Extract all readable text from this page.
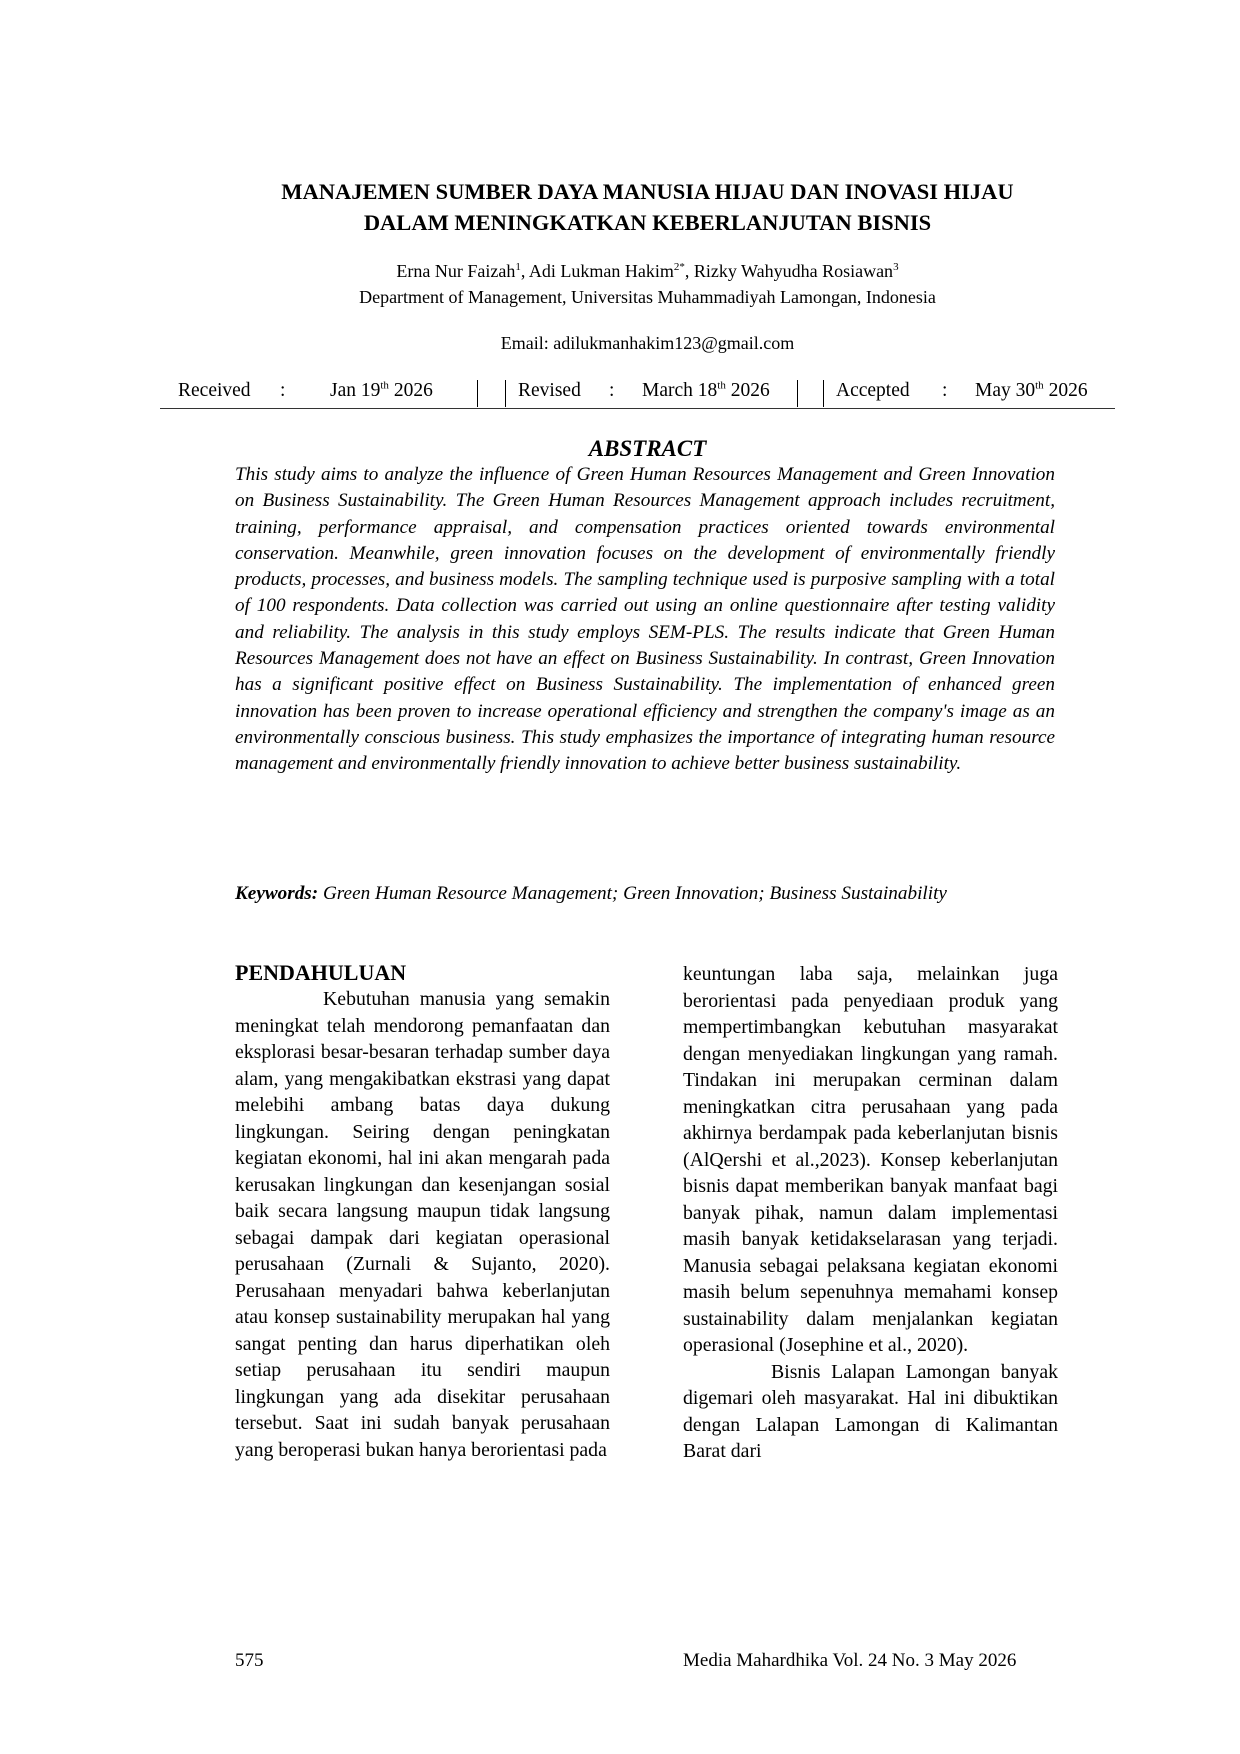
MANAJEMEN SUMBER DAYA MANUSIA HIJAU DAN INOVASI HIJAU
DALAM MENINGKATKAN KEBERLANJUTAN BISNIS
Erna Nur Faizah$^1$, Adi Lukman Hakim$^{2*}$, Rizky Wahyudha Rosiawan$^3$
Department of Management, Universitas Muhammadiyah Lamongan, Indonesia
Email: adilukmanhakim123@gmail.com
Received : Jan 19th 2026	Revised : March 18th 2026	Accepted : May 30th 2026
ABSTRACT
This study aims to analyze the influence of Green Human Resources Management and Green Innovation on Business Sustainability. The Green Human Resources Management approach includes recruitment, training, performance appraisal, and compensation practices oriented towards environmental conservation. Meanwhile, green innovation focuses on the development of environmentally friendly products, processes, and business models. The sampling technique used is purposive sampling with a total of 100 respondents. Data collection was carried out using an online questionnaire after testing validity and reliability. The analysis in this study employs SEM-PLS. The results indicate that Green Human Resources Management does not have an effect on Business Sustainability. In contrast, Green Innovation has a significant positive effect on Business Sustainability. The implementation of enhanced green innovation has been proven to increase operational efficiency and strengthen the company's image as an environmentally conscious business. This study emphasizes the importance of integrating human resource management and environmentally friendly innovation to achieve better business sustainability.
Keywords: Green Human Resource Management; Green Innovation; Business Sustainability

PENDAHULUAN

Kebutuhan manusia yang semakin meningkat telah mendorong pemanfaatan dan eksplorasi besar-besaran terhadap sumber daya alam, yang mengakibatkan ekstrasi yang dapat melebihi ambang batas daya dukung lingkungan. Seiring dengan peningkatan kegiatan ekonomi, hal ini akan mengarah pada kerusakan lingkungan dan kesenjangan sosial baik secara langsung maupun tidak langsung sebagai dampak dari kegiatan operasional perusahaan (Zurnali & Sujanto, 2020). Perusahaan menyadari bahwa keberlanjutan atau konsep sustainability merupakan hal yang sangat penting dan harus diperhatikan oleh setiap perusahaan itu sendiri maupun lingkungan yang ada disekitar perusahaan tersebut. Saat ini sudah banyak perusahaan yang beroperasi bukan hanya berorientasi pada

keuntungan laba saja, melainkan juga berorientasi pada penyediaan produk yang mempertimbangkan kebutuhan masyarakat dengan menyediakan lingkungan yang ramah. Tindakan ini merupakan cerminan dalam meningkatkan citra perusahaan yang pada akhirnya berdampak pada keberlanjutan bisnis (AlQershi et al.,2023). Konsep keberlanjutan bisnis dapat memberikan banyak manfaat bagi banyak pihak, namun dalam implementasi masih banyak ketidakselarasan yang terjadi. Manusia sebagai pelaksana kegiatan ekonomi masih belum sepenuhnya memahami konsep sustainability dalam menjalankan kegiatan operasional (Josephine et al., 2020).

Bisnis Lalapan Lamongan banyak digemari oleh masyarakat. Hal ini dibuktikan dengan Lalapan Lamongan di Kalimantan Barat dari

575	Media Mahardhika Vol. 24 No. 3 May 2026
